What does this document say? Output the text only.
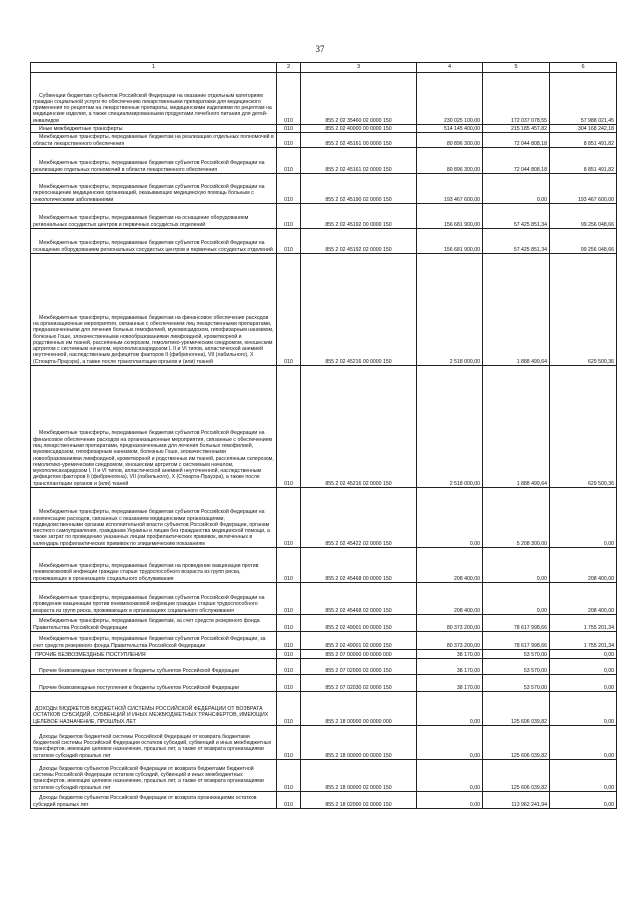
37
1	2	3	4	5	6
Субвенции бюджетам субъектов Российской Федерации на оказание отдельным категориям граждан социальной услуги по обеспечению лекарственными препаратами для медицинского применения по рецептам на лекарственные препараты, медицинскими изделиями по рецептам на медицинские изделия, а также специализированными продуктами лечебного питания для детей-инвалидов	010	855 2 02 35460 02 0000 150	230 025 100,00	172 037 078,55	57 988 021,45
Иные межбюджетные трансферты	010	855 2 02 40000 00 0000 150	514 145 400,00	215 185 457,82	304 168 242,18
Межбюджетные трансферты, передаваемые бюджетам на реализацию отдельных полномочий в области лекарственного обеспечения	010	855 2 02 45161 00 0000 150	80 896 300,00	72 044 808,18	8 851 491,82
Межбюджетные трансферты, передаваемые бюджетам субъектов Российской Федерации на реализацию отдельных полномочий в области лекарственного обеспечения	010	855 2 02 45161 02 0000 150	80 896 300,00	72 044 808,18	8 851 491,82
Межбюджетные трансферты, передаваемые бюджетам субъектов Российской Федерации на переоснащение медицинских организаций, оказывающих медицинскую помощь больным с онкологическими заболеваниями	010	855 2 02 45190 02 0000 150	193 467 600,00	0,00	193 467 600,00
Межбюджетные трансферты, передаваемые бюджетам на оснащение оборудованием региональных сосудистых центров и первичных сосудистых отделений	010	855 2 02 45192 00 0000 150	156 681 900,00	57 425 851,34	99 256 048,66
Межбюджетные трансферты, передаваемые бюджетам субъектов Российской Федерации на оснащение оборудованием региональных сосудистых центров и первичных сосудистых отделений	010	855 2 02 45192 02 0000 150	156 681 900,00	57 425 851,34	99 256 048,66
Межбюджетные трансферты, передаваемые бюджетам на финансовое обеспечение расходов на организационные мероприятия, связанные с обеспечением лиц лекарственными препаратами, предназначенными для лечения больных гемофилией, муковисцидозом, гипофизарным нанизмом, болезнью Гоше, злокачественными новообразованиями лимфоидной, кроветворной и родственных им тканей, рассеянным склерозом, гемолитико-уремическим синдромом, юношеским артритом с системным началом, мукополисахаридозом I, II и VI типов, апластической анемией неуточненной, наследственным дефицитом факторов II (фибриногена), VII (лабильного), X (Стюарта-Прауэра), а также после трансплантации органов и (или) тканей	010	855 2 02 45216 00 0000 150	2 518 000,00	1 888 499,64	629 500,36
Межбюджетные трансферты, передаваемые бюджетам субъектов Российской Федерации на финансовое обеспечение расходов на организационные мероприятия, связанные с обеспечением лиц лекарственными препаратами, предназначенными для лечения больных гемофилией, муковисцидозом, гипофизарным нанизмом, болезнью Гоше, злокачественными новообразованиями лимфоидной, кроветворной и родственных им тканей, рассеянным склерозом, гемолитико-уремическим синдромом, юношеским артритом с системным началом, мукополисахаридозом I, II и VI типов, апластической анемией неуточненной, наследственным дефицитом факторов II (фибриногена), VII (лабильного), X (Стюарта-Прауэра), а также после трансплантации органов и (или) тканей	010	855 2 02 45216 02 0000 150	2 518 000,00	1 888 499,64	629 500,36
Межбюджетные трансферты, передаваемые бюджетам субъектов Российской Федерации на компенсацию расходов, связанных с оказанием медицинскими организациями, подведомственными органам исполнительной власти субъектов Российской Федерации, органам местного самоуправления, гражданам Украины и лицам без гражданства медицинской помощи, а также затрат по проведению указанных лицам профилактических прививок, включенных в календарь профилактических прививок по эпидемическим показаниям	010	855 2 02 45422 02 0000 150	0,00	5 208 300,00	0,00
Межбюджетные трансферты, передаваемые бюджетам на проведение вакцинации против пневмококковой инфекции граждан старше трудоспособного возраста из групп риска, проживающих в организациях социального обслуживания	010	855 2 02 45468 00 0000 150	208 400,00	0,00	208 400,00
Межбюджетные трансферты, передаваемые бюджетам субъектов Российской Федерации на проведение вакцинации против пневмококковой инфекции граждан старше трудоспособного возраста из групп риска, проживающих в организациях социального обслуживания	010	855 2 02 45468 02 0000 150	208 400,00	0,00	208 400,00
Межбюджетные трансферты, передаваемые бюджетам, за счет средств резервного фонда Правительства Российской Федерации	010	855 2 02 49001 00 0000 150	80 373 200,00	78 617 998,66	1 755 201,34
Межбюджетные трансферты, передаваемые бюджетам субъектов Российской Федерации, за счет средств резервного фонда Правительства Российской Федерации	010	855 2 02 49001 02 0000 150	80 373 200,00	78 617 998,66	1 755 201,34
ПРОЧИЕ БЕЗВОЗМЕЗДНЫЕ ПОСТУПЛЕНИЯ	010	855 2 07 00000 00 0000 000	38 170,00	53 570,00	0,00
Прочие безвозмездные поступления в бюджеты субъектов Российской Федерации	010	855 2 07 02000 02 0000 150	38 170,00	53 570,00	0,00
Прочие безвозмездные поступления в бюджеты субъектов Российской Федерации	010	855 2 07 02030 02 0000 150	38 170,00	53 570,00	0,00
ДОХОДЫ БЮДЖЕТОВ БЮДЖЕТНОЙ СИСТЕМЫ РОССИЙСКОЙ ФЕДЕРАЦИИ ОТ ВОЗВРАТА ОСТАТКОВ СУБСИДИЙ, СУБВЕНЦИЙ И ИНЫХ МЕЖБЮДЖЕТНЫХ ТРАНСФЕРТОВ, ИМЕЮЩИХ ЦЕЛЕВОЕ НАЗНАЧЕНИЕ, ПРОШЛЫХ ЛЕТ	010	855 2 18 00000 00 0000 000	0,00	125 606 039,82	0,00
Доходы бюджетов бюджетной системы Российской Федерации от возврата бюджетами бюджетной системы Российской Федерации остатков субсидий, субвенций и иных межбюджетных трансфертов, имеющих целевое назначение, прошлых лет, а также от возврата организациями остатков субсидий прошлых лет	010	855 2 18 00000 00 0000 150	0,00	125 606 039,82	0,00
Доходы бюджетов субъектов Российской Федерации от возврата бюджетами бюджетной системы Российской Федерации остатков субсидий, субвенций и иных межбюджетных трансфертов, имеющих целевое назначение, прошлых лет, а также от возврата организациями остатков субсидий прошлых лет	010	855 2 18 00000 02 0000 150	0,00	125 606 039,82	0,00
Доходы бюджетов субъектов Российской Федерации от возврата организациями остатков субсидий прошлых лет	010	855 2 18 02000 02 0000 150	0,00	113 962 241,94	0,00
